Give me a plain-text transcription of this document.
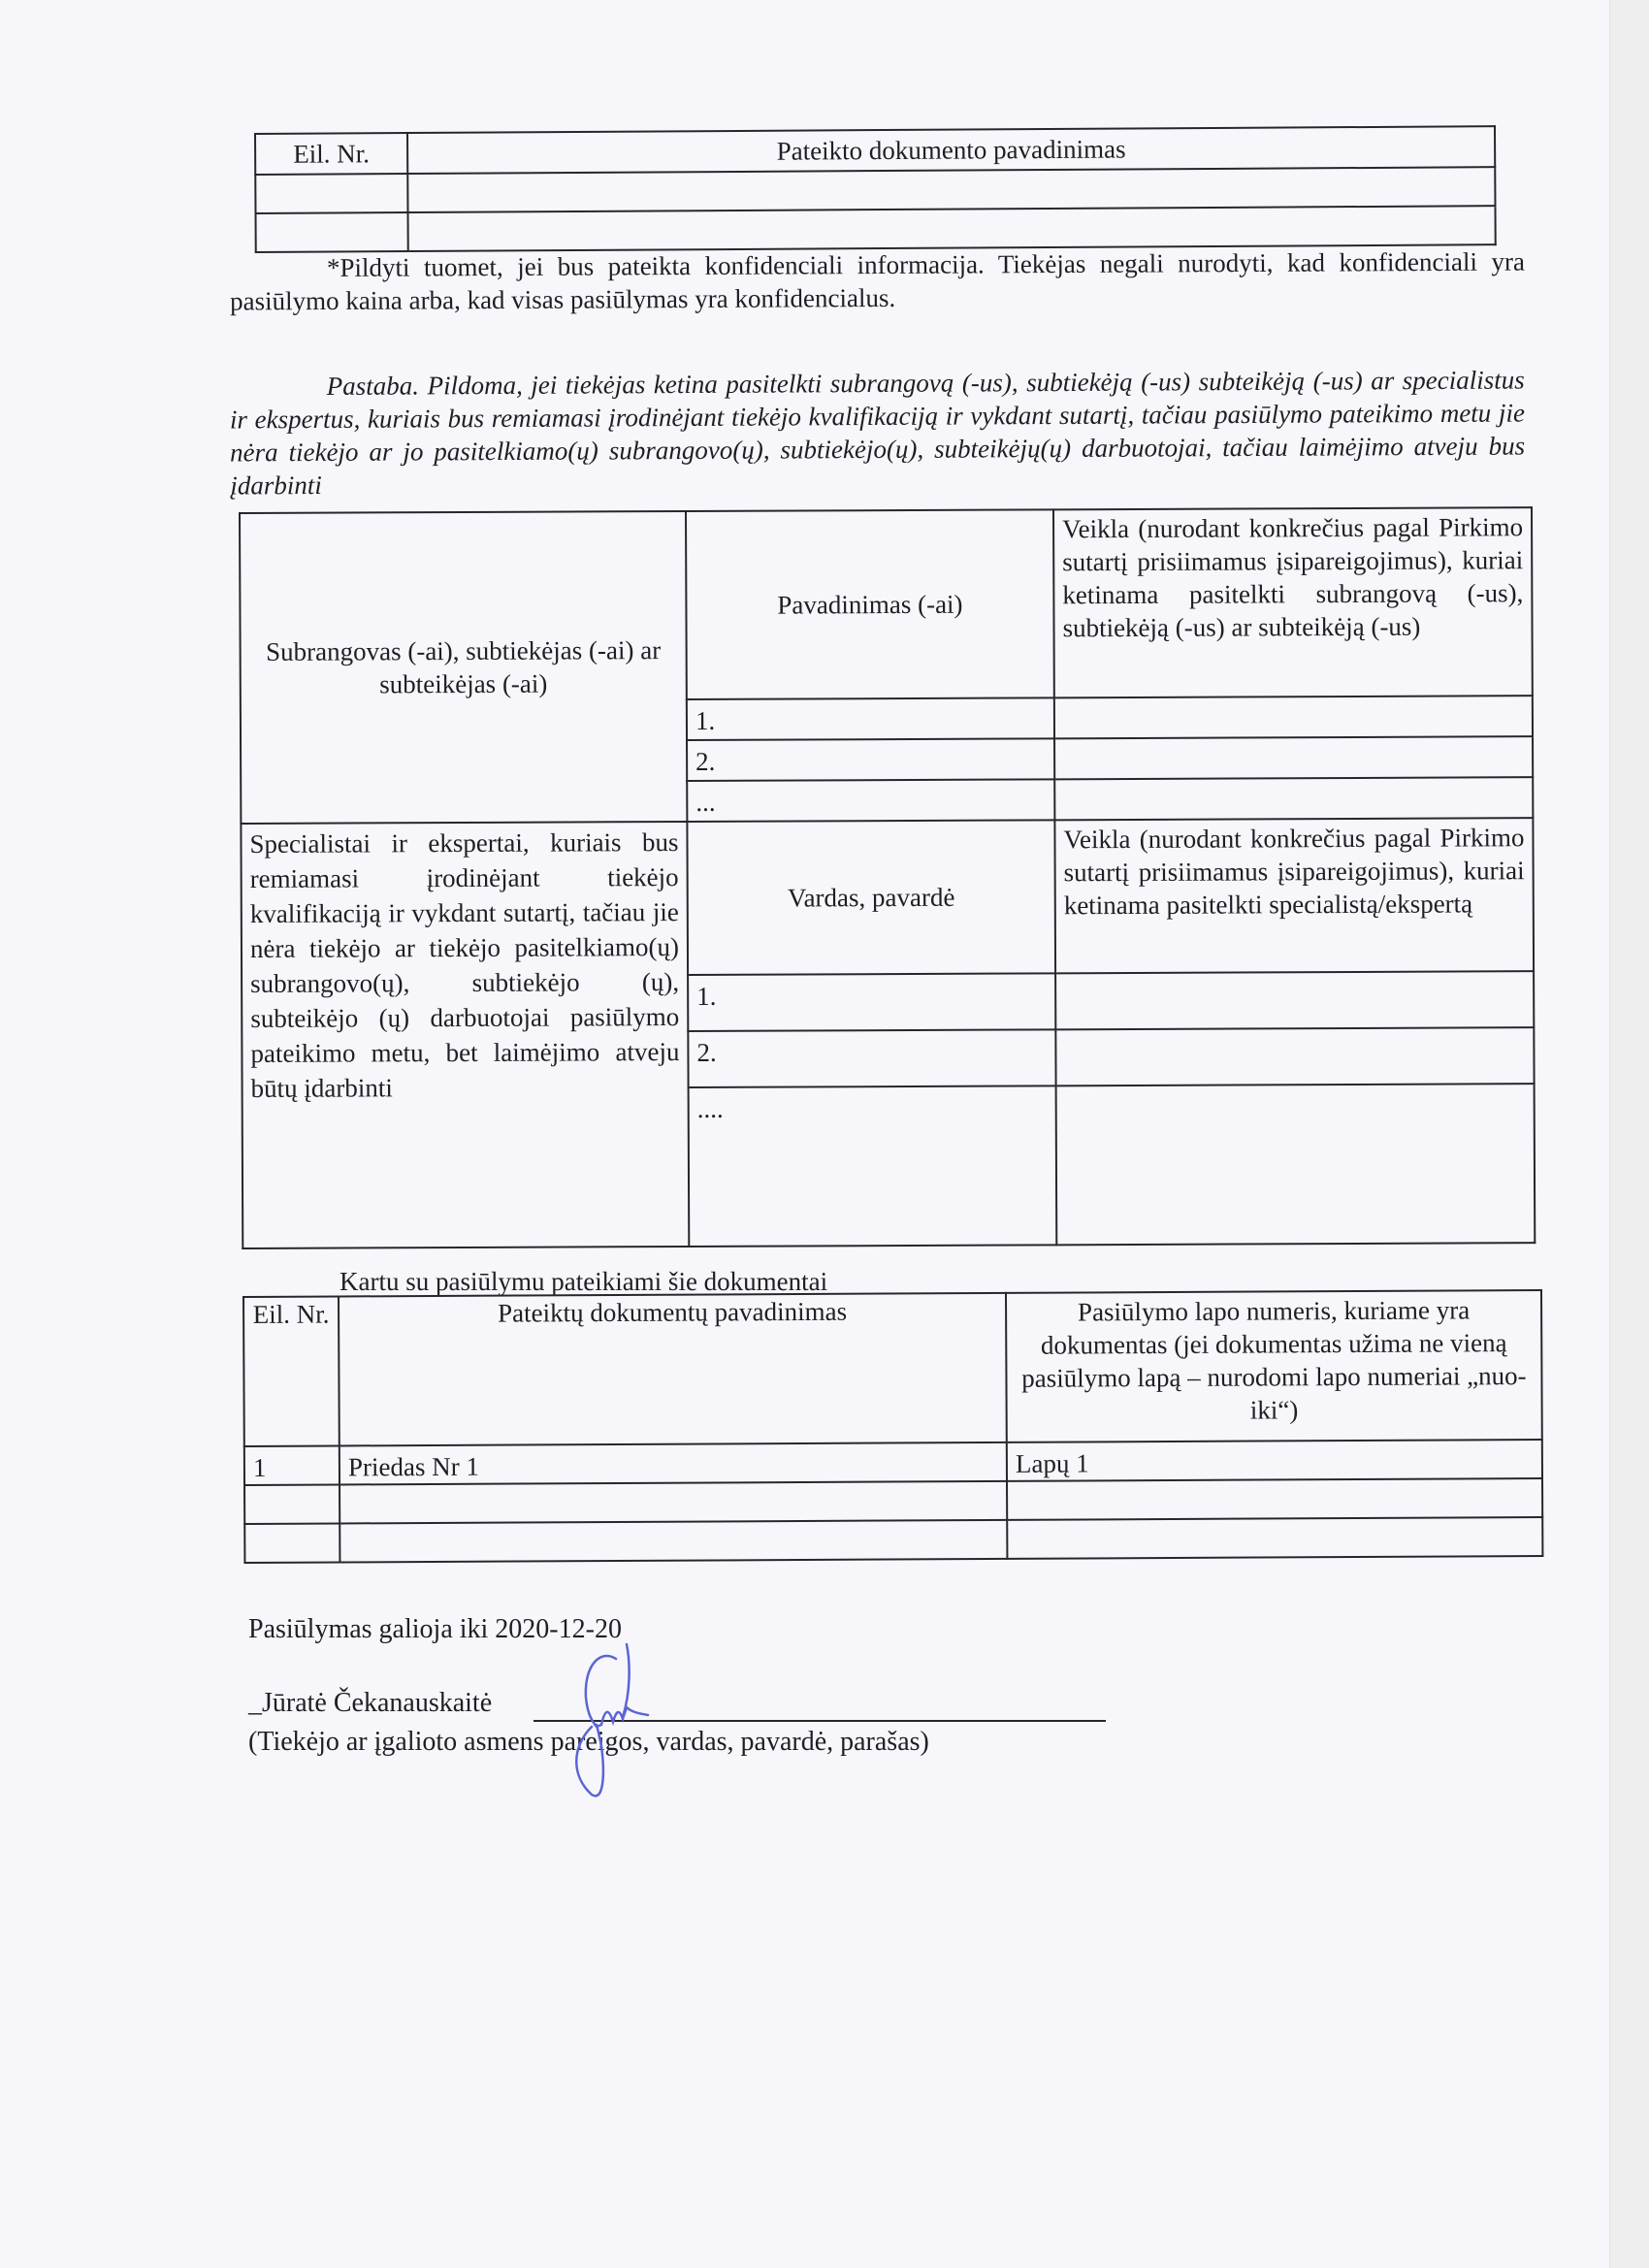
Eil. Nr.	Pateikto dokumento pavadinimas

*Pildyti tuomet, jei bus pateikta konfidenciali informacija. Tiekėjas negali nurodyti, kad konfidenciali yra pasiūlymo kaina arba, kad visas pasiūlymas yra konfidencialus.
Pastaba. Pildoma, jei tiekėjas ketina pasitelkti subrangovą (-us), subtiekėją (-us) subteikėją (-us) ar specialistus ir ekspertus, kuriais bus remiamasi įrodinėjant tiekėjo kvalifikaciją ir vykdant sutartį, tačiau pasiūlymo pateikimo metu jie nėra tiekėjo ar jo pasitelkiamo(ų) subrangovo(ų), subtiekėjo(ų), subteikėjų(ų) darbuotojai, tačiau laimėjimo atveju bus įdarbinti
Subrangovas (-ai), subtiekėjas (-ai) ar subteikėjas (-ai)	Pavadinimas (-ai)	Veikla (nurodant konkrečius pagal Pirkimo sutartį prisiimamus įsipareigojimus), kuriai ketinama pasitelkti subrangovą (-us), subtiekėją (-us) ar subteikėją (-us)
	1.	
	2.	
	...	
Specialistai ir ekspertai, kuriais bus remiamasi įrodinėjant tiekėjo kvalifikaciją ir vykdant sutartį, tačiau jie nėra tiekėjo ar tiekėjo pasitelkiamo(ų) subrangovo(ų), subtiekėjo (ų), subteikėjo (ų) darbuotojai pasiūlymo pateikimo metu, bet laimėjimo atveju būtų įdarbinti	Vardas, pavardė	Veikla (nurodant konkrečius pagal Pirkimo sutartį prisiimamus įsipareigojimus), kuriai ketinama pasitelkti specialistą/ekspertą
	1.	
	2.	
	....	
Kartu su pasiūlymu pateikiami šie dokumentai
Eil. Nr.	Pateiktų dokumentų pavadinimas	Pasiūlymo lapo numeris, kuriame yra dokumentas (jei dokumentas užima ne vieną pasiūlymo lapą – nurodomi lapo numeriai „nuo-iki“)
1	Priedas Nr 1	Lapų 1

Pasiūlymas galioja iki 2020-12-20
_Jūratė Čekanauskaitė
(Tiekėjo ar įgalioto asmens pareigos, vardas, pavardė, parašas)
